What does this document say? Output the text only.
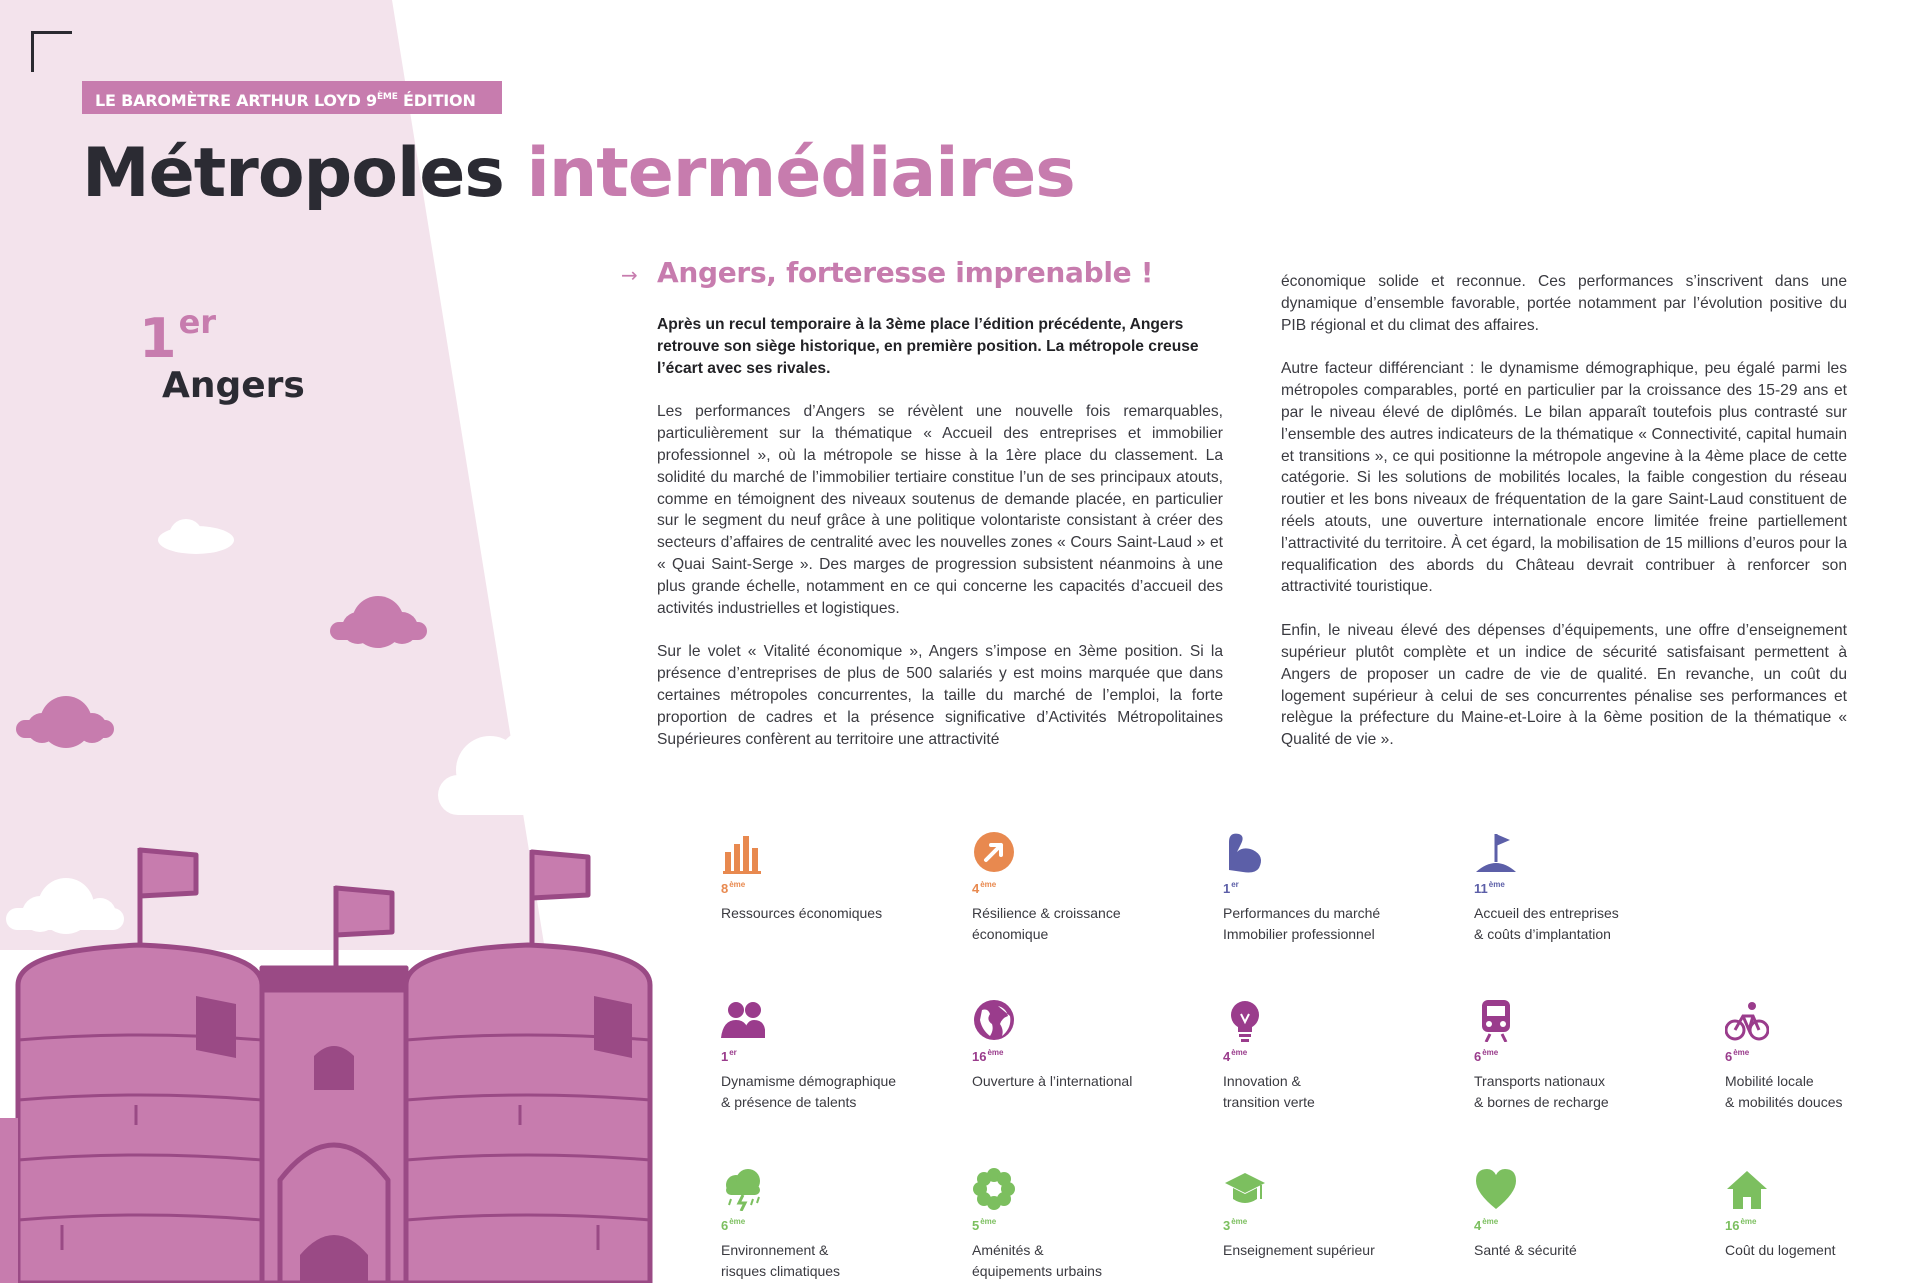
LE BAROMÈTRE ARTHUR LOYD 9ÈME ÉDITION
Métropoles intermédiaires
1er
Angers
→ Angers, forteresse imprenable !

Après un recul temporaire à la 3ème place l’édition précédente, Angers retrouve son siège historique, en première position. La métropole creuse l’écart avec ses rivales.

Les performances d’Angers se révèlent une nouvelle fois remarquables, particulièrement sur la thématique « Accueil des entreprises et immobilier professionnel », où la métropole se hisse à la 1ère place du classement. La solidité du marché de l’immobilier tertiaire constitue l’un de ses principaux atouts, comme en témoignent des niveaux soutenus de demande placée, en particulier sur le segment du neuf grâce à une politique volontariste consistant à créer des secteurs d’affaires de centralité avec les nouvelles zones « Cours Saint-Laud » et « Quai Saint-Serge ». Des marges de progression subsistent néanmoins à une plus grande échelle, notamment en ce qui concerne les capacités d’accueil des activités industrielles et logistiques.

Sur le volet « Vitalité économique », Angers s’impose en 3ème position. Si la présence d’entreprises de plus de 500 salariés y est moins marquée que dans certaines métropoles concurrentes, la taille du marché de l’emploi, la forte proportion de cadres et la présence significative d’Activités Métropolitaines Supérieures confèrent au territoire une attractivité

économique solide et reconnue. Ces performances s’inscrivent dans une dynamique d’ensemble favorable, portée notamment par l’évolution positive du PIB régional et du climat des affaires.

Autre facteur différenciant : le dynamisme démographique, peu égalé parmi les métropoles comparables, porté en particulier par la croissance des 15-29 ans et par le niveau élevé de diplômés. Le bilan apparaît toutefois plus contrasté sur l’ensemble des autres indicateurs de la thématique « Connectivité, capital humain et transitions », ce qui positionne la métropole angevine à la 4ème place de cette catégorie. Si les solutions de mobilités locales, la faible congestion du réseau routier et les bons niveaux de fréquentation de la gare Saint-Laud constituent de réels atouts, une ouverture internationale encore limitée freine partiellement l’attractivité du territoire. À cet égard, la mobilisation de 15 millions d’euros pour la requalification des abords du Château devrait contribuer à renforcer son attractivité touristique.

Enfin, le niveau élevé des dépenses d’équipements, une offre d’enseignement supérieur plutôt complète et un indice de sécurité satisfaisant permettent à Angers de proposer un cadre de vie de qualité. En revanche, un coût du logement supérieur à celui de ses concurrentes pénalise ses performances et relègue la préfecture du Maine-et-Loire à la 6ème position de la thématique « Qualité de vie ».

8ème
Ressources économiques
4ème
Résilience & croissance
économique
1er
Performances du marché
Immobilier professionnel
11ème
Accueil des entreprises
& coûts d’implantation
1er
Dynamisme démographique
& présence de talents
16ème
Ouverture à l’international
4ème
Innovation &
transition verte
6ème
Transports nationaux
& bornes de recharge
6ème
Mobilité locale
& mobilités douces
6ème
Environnement &
risques climatiques
5ème
Aménités &
équipements urbains
3ème
Enseignement supérieur
4ème
Santé & sécurité
16ème
Coût du logement
